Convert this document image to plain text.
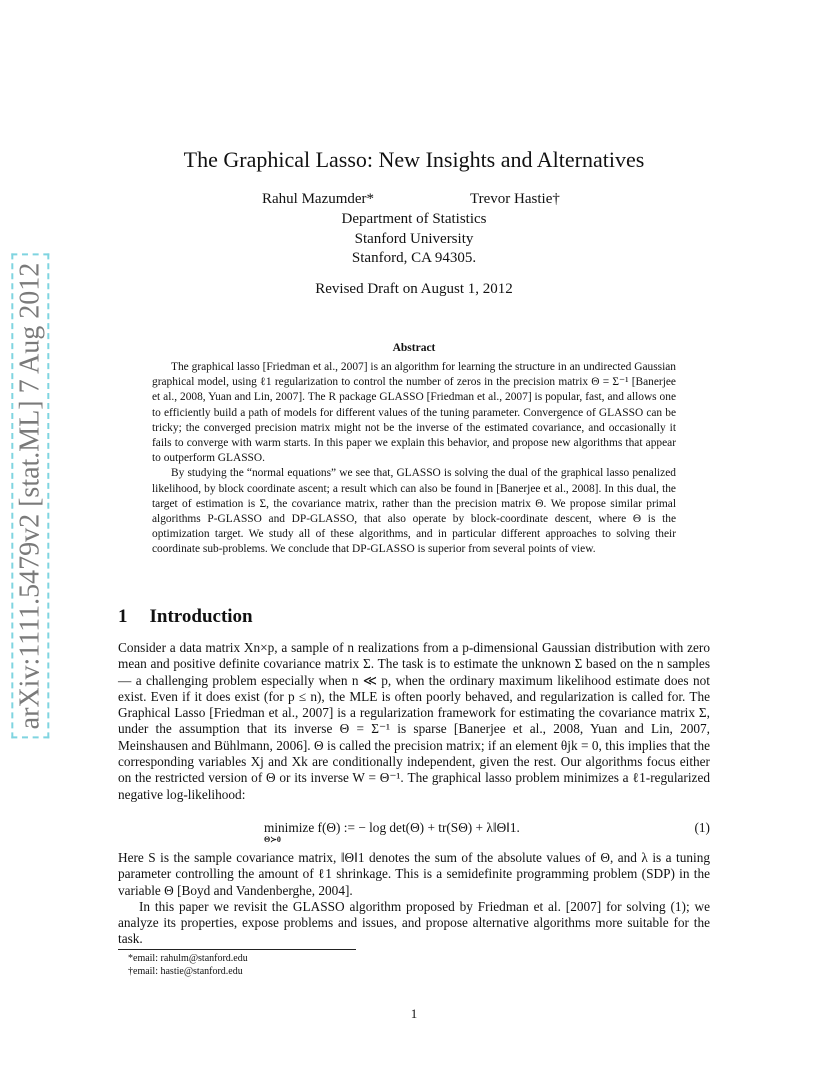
arXiv:1111.5479v2 [stat.ML] 7 Aug 2012
The Graphical Lasso: New Insights and Alternatives
Rahul Mazumder*	Trevor Hastie†
Department of Statistics
Stanford University
Stanford, CA 94305.
Revised Draft on August 1, 2012
Abstract

The graphical lasso [Friedman et al., 2007] is an algorithm for learning the structure in an undirected Gaussian graphical model, using ℓ1 regularization to control the number of zeros in the precision matrix Θ = Σ⁻¹ [Banerjee et al., 2008, Yuan and Lin, 2007]. The R package GLASSO [Friedman et al., 2007] is popular, fast, and allows one to efficiently build a path of models for different values of the tuning parameter. Convergence of GLASSO can be tricky; the converged precision matrix might not be the inverse of the estimated covariance, and occasionally it fails to converge with warm starts. In this paper we explain this behavior, and propose new algorithms that appear to outperform GLASSO.

By studying the “normal equations” we see that, GLASSO is solving the dual of the graphical lasso penalized likelihood, by block coordinate ascent; a result which can also be found in [Banerjee et al., 2008]. In this dual, the target of estimation is Σ, the covariance matrix, rather than the precision matrix Θ. We propose similar primal algorithms P-GLASSO and DP-GLASSO, that also operate by block-coordinate descent, where Θ is the optimization target. We study all of these algorithms, and in particular different approaches to solving their coordinate sub-problems. We conclude that DP-GLASSO is superior from several points of view.

1 Introduction

Consider a data matrix Xn×p, a sample of n realizations from a p-dimensional Gaussian distribution with zero mean and positive definite covariance matrix Σ. The task is to estimate the unknown Σ based on the n samples — a challenging problem especially when n ≪ p, when the ordinary maximum likelihood estimate does not exist. Even if it does exist (for p ≤ n), the MLE is often poorly behaved, and regularization is called for. The Graphical Lasso [Friedman et al., 2007] is a regularization framework for estimating the covariance matrix Σ, under the assumption that its inverse Θ = Σ⁻¹ is sparse [Banerjee et al., 2008, Yuan and Lin, 2007, Meinshausen and Bühlmann, 2006]. Θ is called the precision matrix; if an element θjk = 0, this implies that the corresponding variables Xj and Xk are conditionally independent, given the rest. Our algorithms focus either on the restricted version of Θ or its inverse W = Θ⁻¹. The graphical lasso problem minimizes a ℓ1-regularized negative log-likelihood:

minimize f(Θ) := − log det(Θ) + tr(SΘ) + λ‖Θ‖1.
Θ≻0
(1)

Here S is the sample covariance matrix, ‖Θ‖1 denotes the sum of the absolute values of Θ, and λ is a tuning parameter controlling the amount of ℓ1 shrinkage. This is a semidefinite programming problem (SDP) in the variable Θ [Boyd and Vandenberghe, 2004].

In this paper we revisit the GLASSO algorithm proposed by Friedman et al. [2007] for solving (1); we analyze its properties, expose problems and issues, and propose alternative algorithms more suitable for the task.

*email: rahulm@stanford.edu
†email: hastie@stanford.edu
1
